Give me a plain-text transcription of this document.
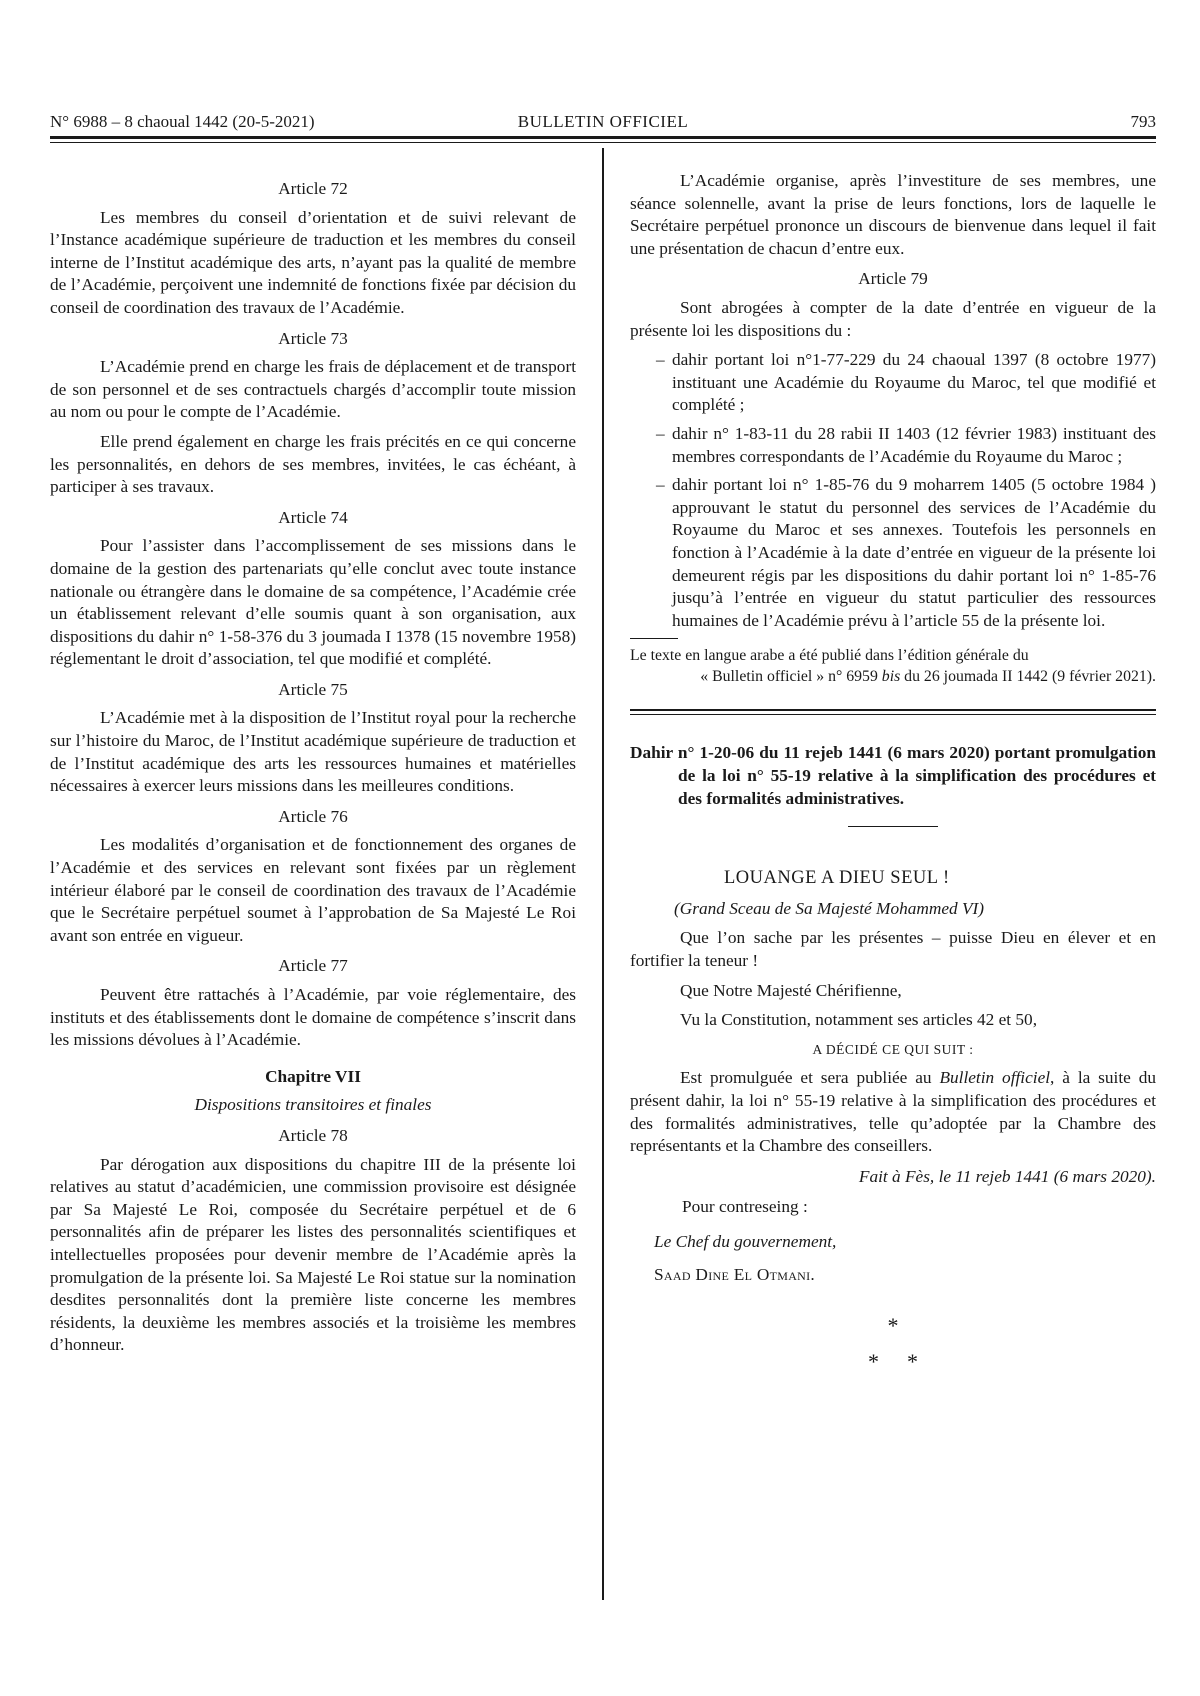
N° 6988 – 8 chaoual 1442 (20-5-2021)	BULLETIN OFFICIEL	793
Article 72

Les membres du conseil d’orientation et de suivi relevant de l’Instance académique supérieure de traduction et les membres du conseil interne de l’Institut académique des arts, n’ayant pas la qualité de membre de l’Académie, perçoivent une indemnité de fonctions fixée par décision du conseil de coordination des travaux de l’Académie.

Article 73

L’Académie prend en charge les frais de déplacement et de transport de son personnel et de ses contractuels chargés d’accomplir toute mission au nom ou pour le compte de l’Académie.

Elle prend également en charge les frais précités en ce qui concerne les personnalités, en dehors de ses membres, invitées, le cas échéant, à participer à ses travaux.

Article 74

Pour l’assister dans l’accomplissement de ses missions dans le domaine de la gestion des partenariats qu’elle conclut avec toute instance nationale ou étrangère dans le domaine de sa compétence, l’Académie crée un établissement relevant d’elle soumis quant à son organisation, aux dispositions du dahir n° 1-58-376 du 3 joumada I 1378 (15 novembre 1958) réglementant le droit d’association, tel que modifié et complété.

Article 75

L’Académie met à la disposition de l’Institut royal pour la recherche sur l’histoire du Maroc, de l’Institut académique supérieure de traduction et de l’Institut académique des arts les ressources humaines et matérielles nécessaires à exercer leurs missions dans les meilleures conditions.

Article 76

Les modalités d’organisation et de fonctionnement des organes de l’Académie et des services en relevant sont fixées par un règlement intérieur élaboré par le conseil de coordination des travaux de l’Académie que le Secrétaire perpétuel soumet à l’approbation de Sa Majesté Le Roi avant son entrée en vigueur.

Article 77

Peuvent être rattachés à l’Académie, par voie réglementaire, des instituts et des établissements dont le domaine de compétence s’inscrit dans les missions dévolues à l’Académie.

Chapitre VII
Dispositions transitoires et finales
Article 78

Par dérogation aux dispositions du chapitre III de la présente loi relatives au statut d’académicien, une commission provisoire est désignée par Sa Majesté Le Roi, composée du Secrétaire perpétuel et de 6 personnalités afin de préparer les listes des personnalités scientifiques et intellectuelles proposées pour devenir membre de l’Académie après la promulgation de la présente loi. Sa Majesté Le Roi statue sur la nomination desdites personnalités dont la première liste concerne les membres résidents, la deuxième les membres associés et la troisième les membres d’honneur.

L’Académie organise, après l’investiture de ses membres, une séance solennelle, avant la prise de leurs fonctions, lors de laquelle le Secrétaire perpétuel prononce un discours de bienvenue dans lequel il fait une présentation de chacun d’entre eux.

Article 79

Sont abrogées à compter de la date d’entrée en vigueur de la présente loi les dispositions du :

– dahir portant loi n°1-77-229 du 24 chaoual 1397 (8 octobre 1977) instituant une Académie du Royaume du Maroc, tel que modifié et complété ;
– dahir n° 1-83-11 du 28 rabii II 1403 (12 février 1983) instituant des membres correspondants de l’Académie du Royaume du Maroc ;
– dahir portant loi n° 1-85-76 du 9 moharrem 1405 (5 octobre 1984 ) approuvant le statut du personnel des services de l’Académie du Royaume du Maroc et ses annexes. Toutefois les personnels en fonction à l’Académie à la date d’entrée en vigueur de la présente loi demeurent régis par les dispositions du dahir portant loi n° 1-85-76 jusqu’à l’entrée en vigueur du statut particulier des ressources humaines de l’Académie prévu à l’article 55 de la présente loi.
Le texte en langue arabe a été publié dans l’édition générale du
« Bulletin officiel » n° 6959 bis du 26 joumada II 1442 (9 février 2021).
Dahir n° 1-20-06 du 11 rejeb 1441 (6 mars 2020) portant promulgation de la loi n° 55-19 relative à la simplification des procédures et des formalités administratives.
LOUANGE A DIEU SEUL !
(Grand Sceau de Sa Majesté Mohammed VI)

Que l’on sache par les présentes – puisse Dieu en élever et en fortifier la teneur !

Que Notre Majesté Chérifienne,

Vu la Constitution, notamment ses articles 42 et 50,

A DÉCIDÉ CE QUI SUIT :

Est promulguée et sera publiée au Bulletin officiel, à la suite du présent dahir, la loi n° 55-19 relative à la simplification des procédures et des formalités administratives, telle qu’adoptée par la Chambre des représentants et la Chambre des conseillers.

Fait à Fès, le 11 rejeb 1441 (6 mars 2020).
Pour contreseing :
Le Chef du gouvernement,
Saad Dine El Otmani.
*
**
